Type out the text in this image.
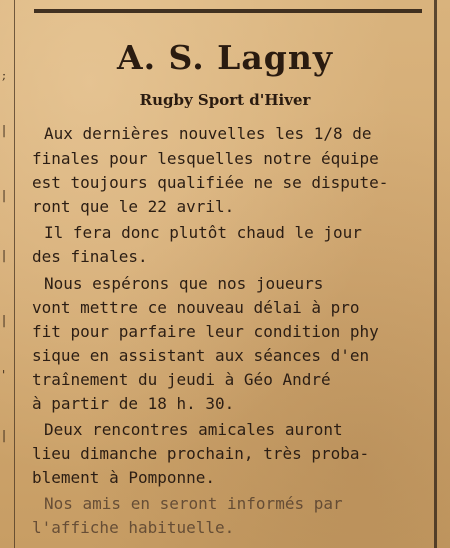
;
|
|
|
|
'
|
A. S. Lagny
Rugby Sport d'Hiver
Aux dernières nouvelles les 1/8 de
finales pour lesquelles notre équipe
est toujours qualifiée ne se dispute-
ront que le 22 avril.
Il fera donc plutôt chaud le jour
des finales.
Nous espérons que nos joueurs
vont mettre ce nouveau délai à pro
fit pour parfaire leur condition phy
sique en assistant aux séances d'en
traînement du jeudi à Géo André
à partir de 18 h. 30.
Deux rencontres amicales auront
lieu dimanche prochain, très proba-
blement à Pomponne.
Nos amis en seront informés par
l'affiche habituelle.
